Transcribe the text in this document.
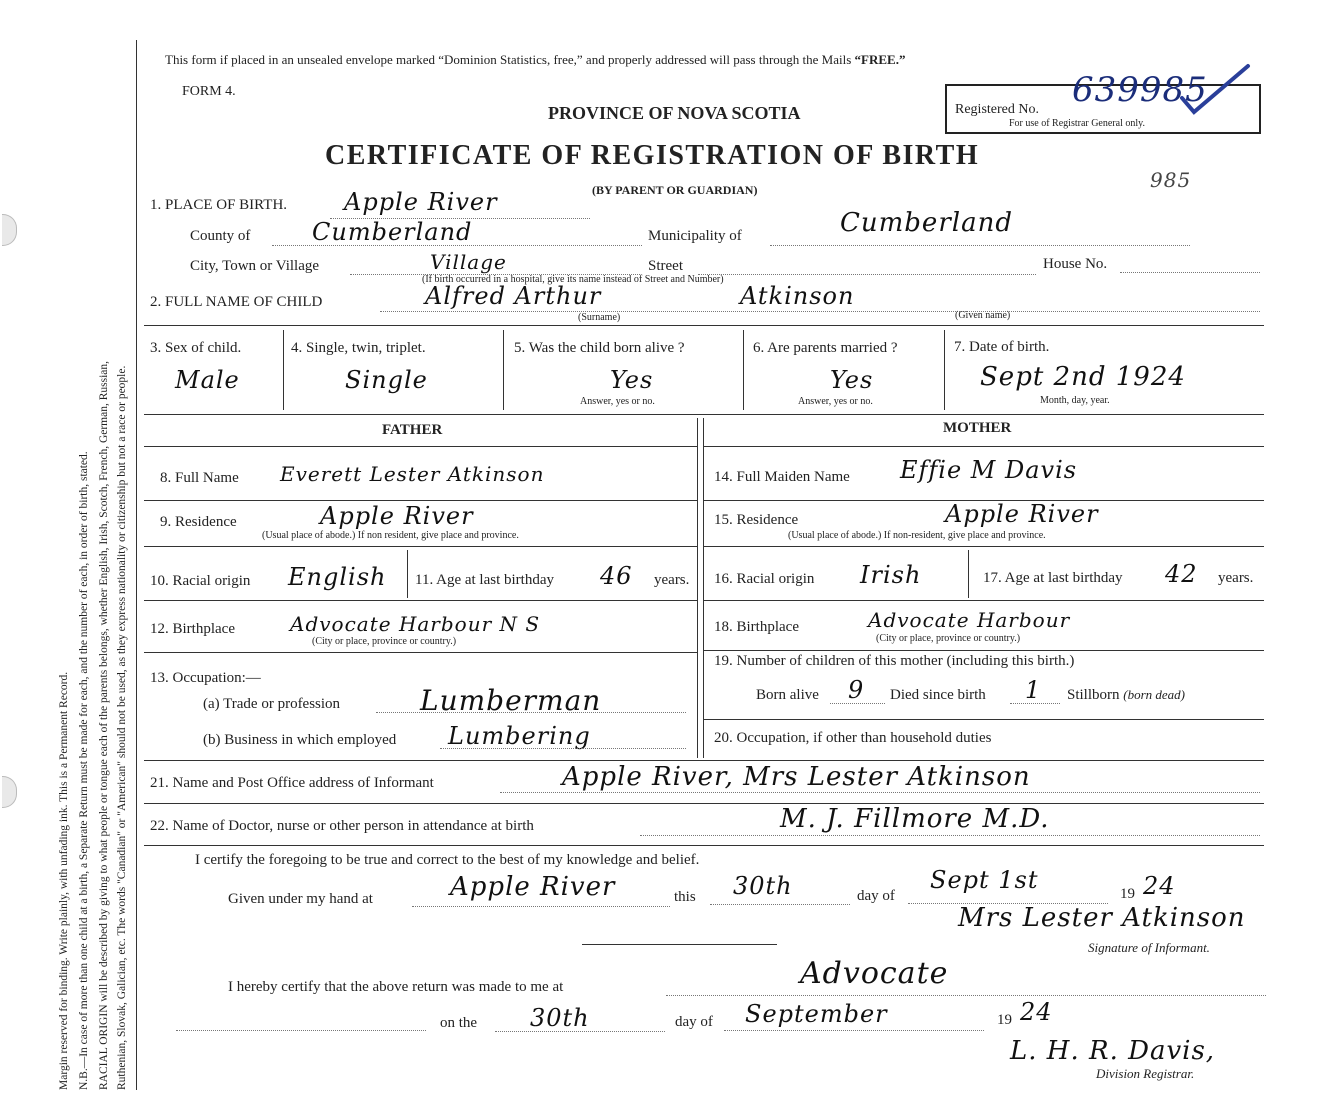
Margin reserved for binding. Write plainly, with unfading ink. This is a Permanent Record. N.B.—In case of more than one child at a birth, a Separate Return must be made for each, and the number of each, in order of birth, stated. RACIAL ORIGIN will be described by giving to what people or tongue each of the parents belongs, whether English, Irish, Scotch, French, German, Russian, Ruthenian, Slovak, Galician, etc. The words "Canadian" or "American" should not be used, as they express nationality or citizenship but not a race or people.
This form if placed in an unsealed envelope marked “Dominion Statistics, free,” and properly addressed will pass through the Mails “FREE.”
FORM 4.
PROVINCE OF NOVA SCOTIA
CERTIFICATE OF REGISTRATION OF BIRTH
(BY PARENT OR GUARDIAN)
Registered No. 639985
For use of Registrar General only.
985
1. PLACE OF BIRTH. Apple River
County of	Cumberland	Municipality of	Cumberland
City, Town or Village	Village	Street	House No.
(If birth occurred in a hospital, give its name instead of Street and Number)
2. FULL NAME OF CHILD	Alfred Arthur	Atkinson
(Surname)	(Given name)
3. Sex of child.
Male
4. Single, twin, triplet.
Single
5. Was the child born alive ?
Yes
Answer, yes or no.
6. Are parents married ?
Yes
Answer, yes or no.
7. Date of birth.
Sept 2nd 1924
Month, day, year.
FATHER	MOTHER
8. Full Name Everett Lester Atkinson
9. Residence	Apple River
(Usual place of abode.) If non resident, give place and province.
10. Racial origin English 11. Age at last birthday 46 years.
12. Birthplace	Advocate Harbour N S
(City or place, province or country.)
13. Occupation:—
(a) Trade or profession	Lumberman
(b) Business in which employed Lumbering
14. Full Maiden Name Effie M Davis
15. Residence	Apple River
(Usual place of abode.) If non-resident, give place and province.
16. Racial origin Irish	17. Age at last birthday 42 years.
18. Birthplace	Advocate Harbour
(City or place, province or country.)
19. Number of children of this mother (including this birth.)
Born alive 9 Died since birth 1 Stillborn (born dead)
20. Occupation, if other than household duties
21. Name and Post Office address of Informant	Apple River, Mrs Lester Atkinson
22. Name of Doctor, nurse or other person in attendance at birth	M. J. Fillmore M.D.
I certify the foregoing to be true and correct to the best of my knowledge and belief.
Given under my hand at	Apple River	this 30th	day of
Sept 1st	19 24
Mrs Lester Atkinson
Signature of Informant.
I hereby certify that the above return was made to me at	Advocate
on the 30th	day of September	19 24
L. H. R. Davis,
Division Registrar.
